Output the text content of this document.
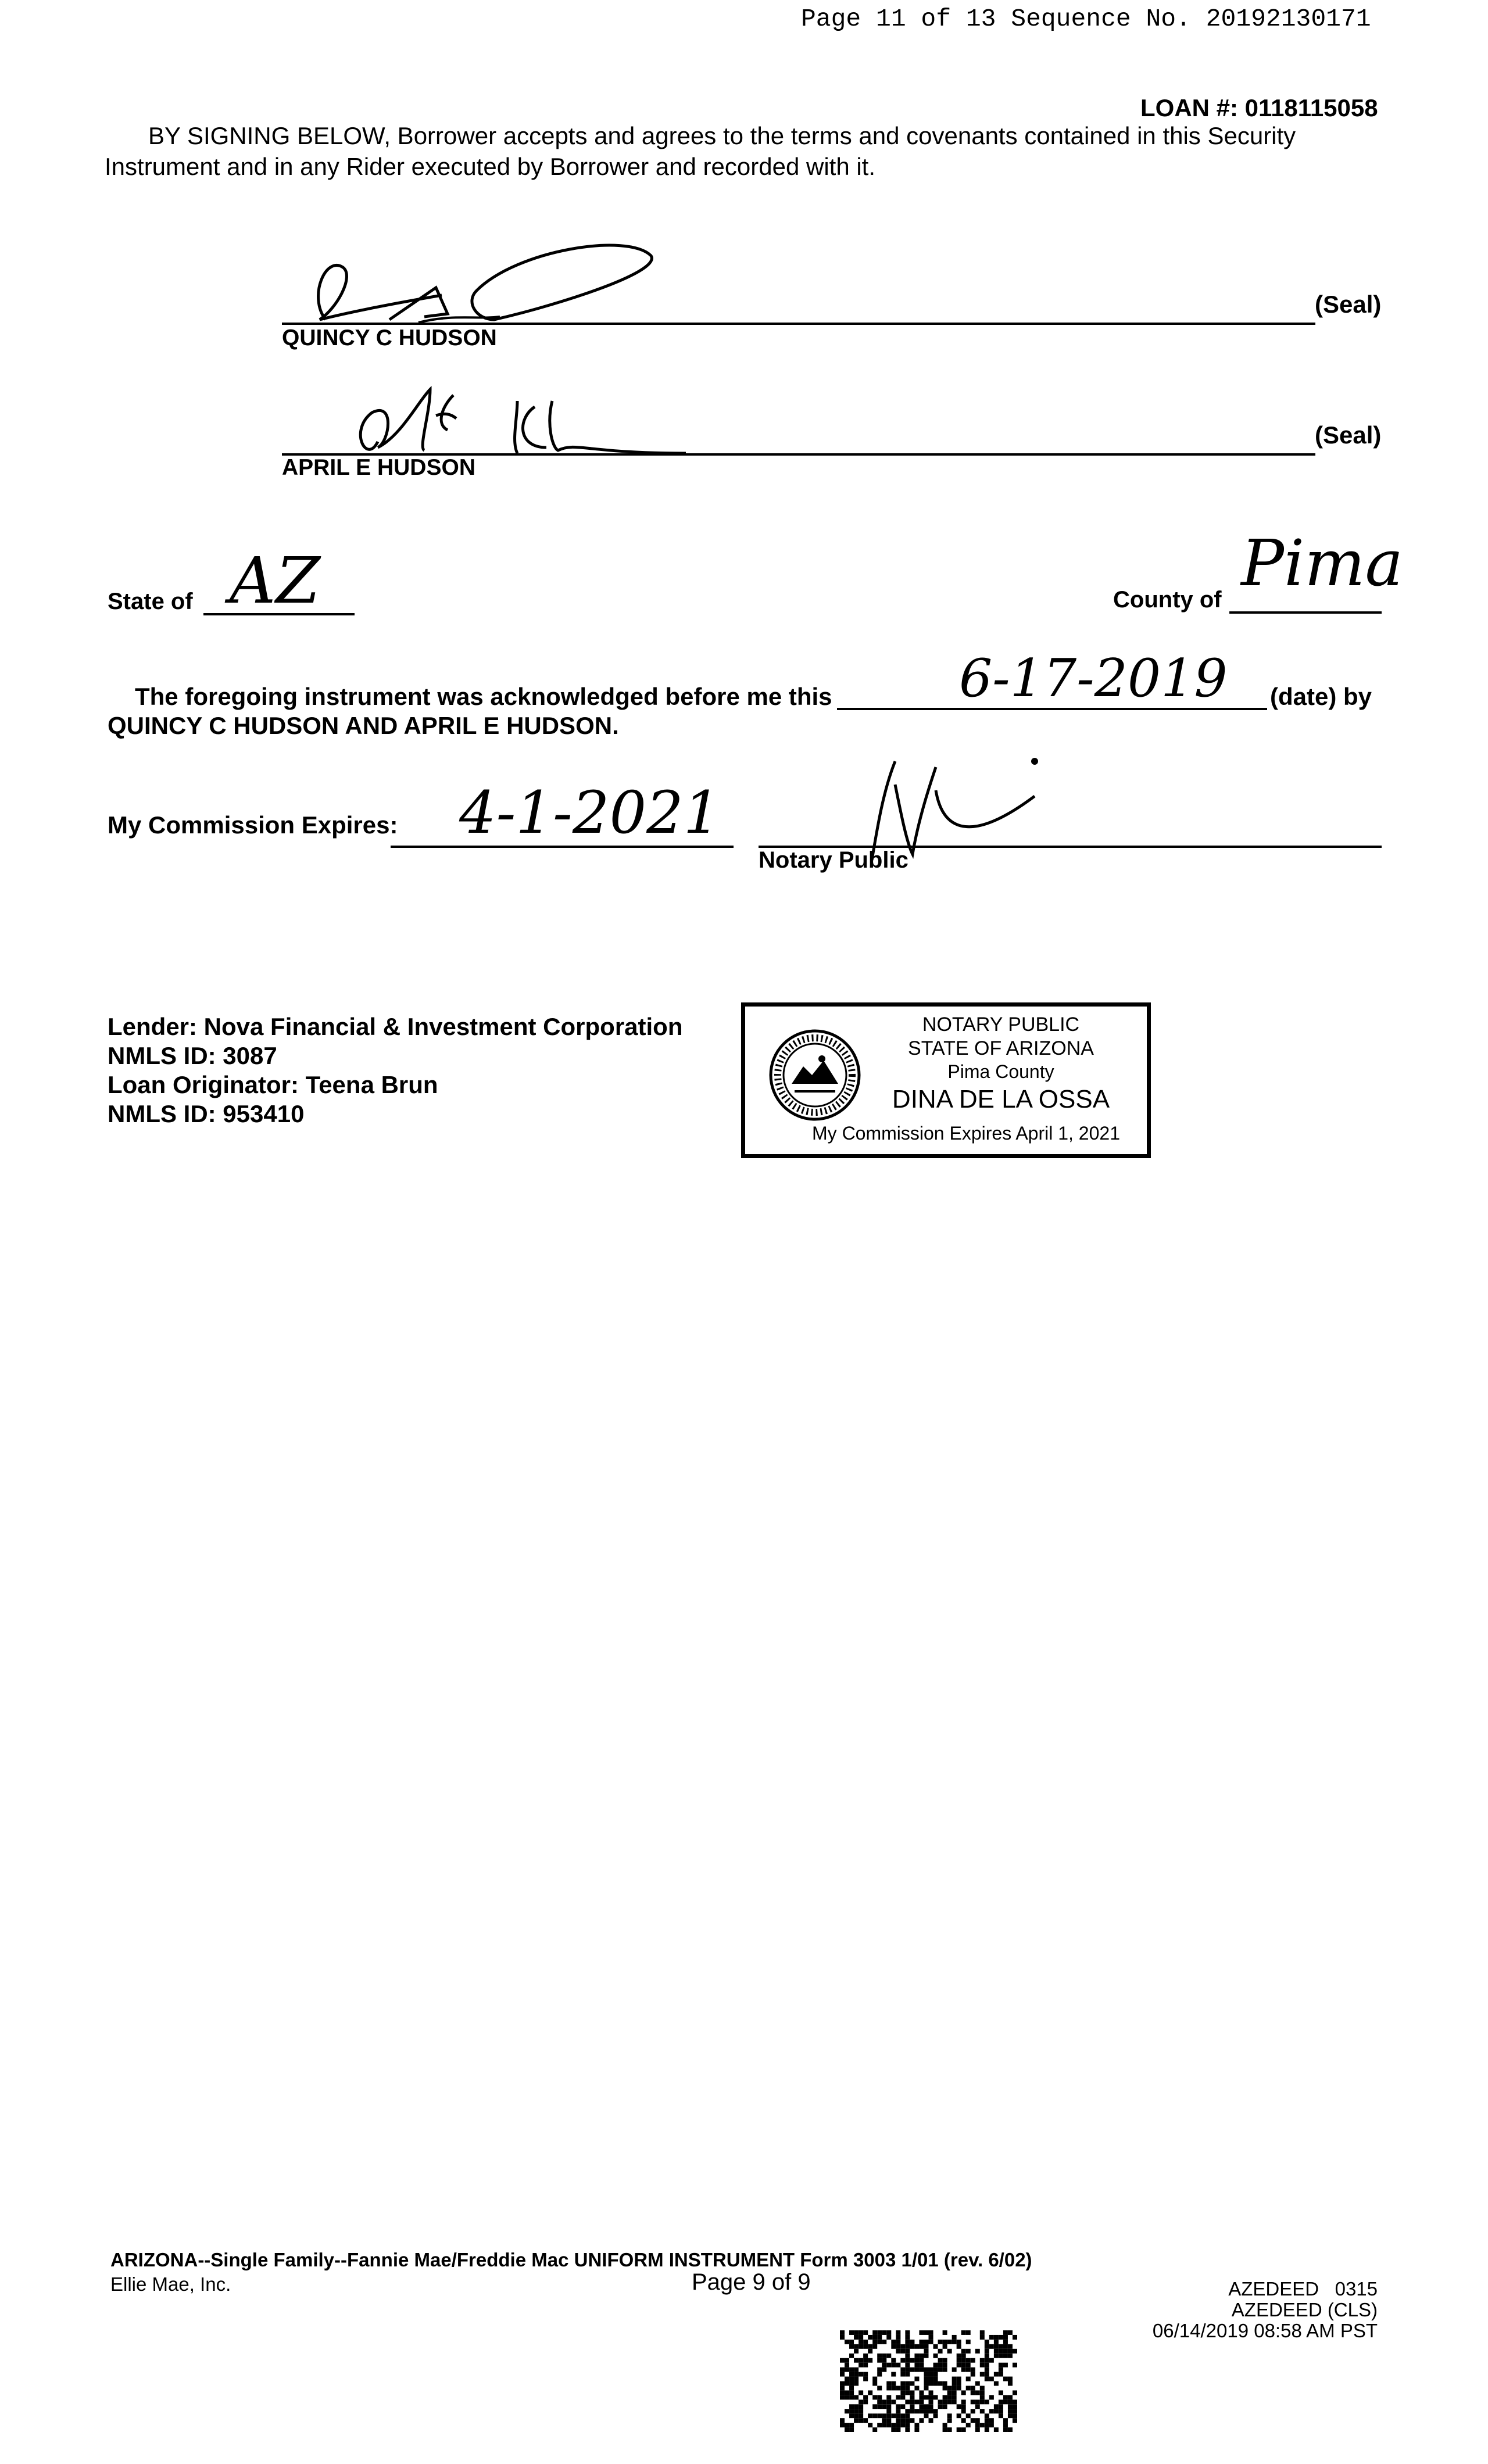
Page 11 of 13 Sequence No. 20192130171
LOAN #: 0118115058
BY SIGNING BELOW, Borrower accepts and agrees to the terms and covenants contained in this Security
Instrument and in any Rider executed by Borrower and recorded with it.
(Seal)
QUINCY C HUDSON
(Seal)
APRIL E HUDSON
State of AZ	County of Pima
The foregoing instrument was acknowledged before me this 6-17-2019 (date) by
QUINCY C HUDSON AND APRIL E HUDSON.
My Commission Expires: 4-1-2021
Notary Public
Lender: Nova Financial & Investment Corporation
NMLS ID: 3087
Loan Originator: Teena Brun
NMLS ID: 953410
NOTARY PUBLIC
STATE OF ARIZONA
Pima County
DINA DE LA OSSA
My Commission Expires April 1, 2021
ARIZONA--Single Family--Fannie Mae/Freddie Mac UNIFORM INSTRUMENT Form 3003 1/01 (rev. 6/02)
Ellie Mae, Inc.	Page 9 of 9	AZEDEED   0315
AZEDEED (CLS)
06/14/2019 08:58 AM PST
